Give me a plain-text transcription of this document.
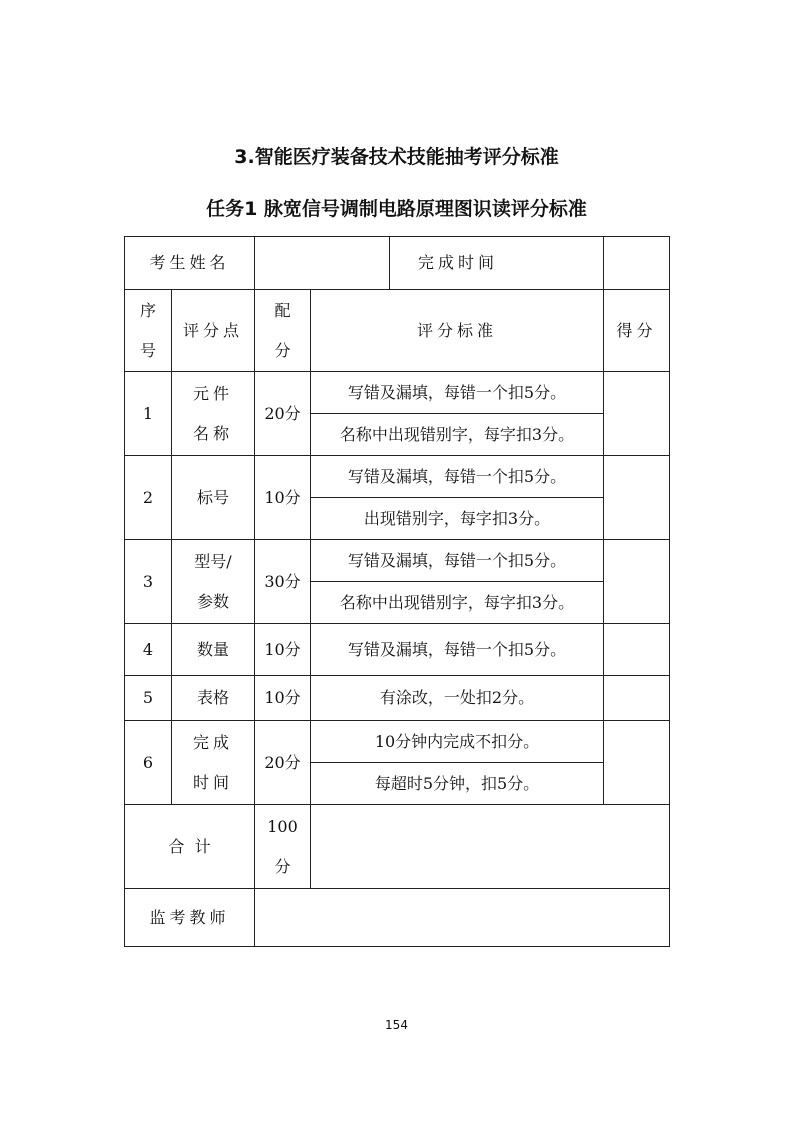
3.智能医疗装备技术技能抽考评分标准
任务1 脉宽信号调制电路原理图识读评分标准
考生姓名				完成时间	
序号	评分点	配分	评分标准		得分
1	元件名称	20分	写错及漏填，每错一个扣5分。		
			名称中出现错别字，每字扣3分。		
2	标号	10分	写错及漏填，每错一个扣5分。		
			出现错别字，每字扣3分。		
3	型号/参数	30分	写错及漏填，每错一个扣5分。		
			名称中出现错别字，每字扣3分。		
4	数量	10分	写错及漏填，每错一个扣5分。		
5	表格	10分	有涂改，一处扣2分。		
6	完成时间	20分	10分钟内完成不扣分。		
			每超时5分钟，扣5分。		
合  计		100分			
监考教师					
154
